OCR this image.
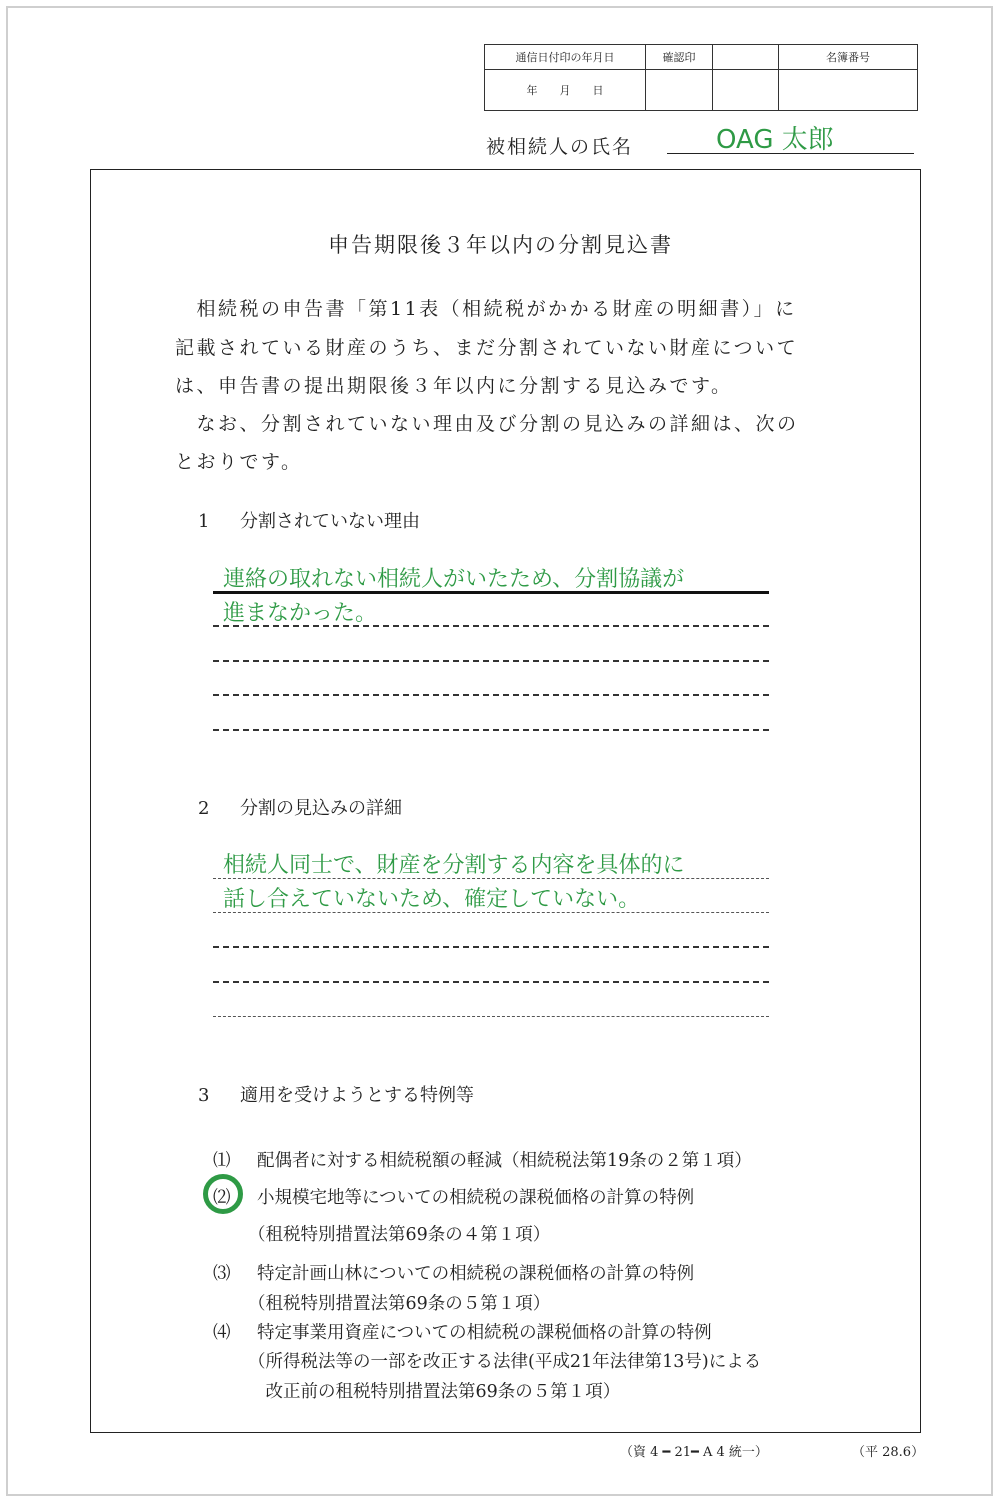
通信日付印の年月日	確認印		名簿番号
年　　月　　日			
被相続人の氏名	OAG 太郎
申告期限後３年以内の分割見込書
　相続税の申告書「第11表（相続税がかかる財産の明細書）」に
記載されている財産のうち、まだ分割されていない財産について
は、申告書の提出期限後３年以内に分割する見込みです。
　なお、分割されていない理由及び分割の見込みの詳細は、次の
とおりです。
1 分割されていない理由
連絡の取れない相続人がいたため、分割協議が
進まなかった。
2 分割の見込みの詳細
相続人同士で、財産を分割する内容を具体的に
話し合えていないため、確定していない。
3 適用を受けようとする特例等
⑴ 配偶者に対する相続税額の軽減（相続税法第19条の２第１項）
⑵ 小規模宅地等についての相続税の課税価格の計算の特例
（租税特別措置法第69条の４第１項）
⑶ 特定計画山林についての相続税の課税価格の計算の特例
（租税特別措置法第69条の５第１項）
⑷ 特定事業用資産についての相続税の課税価格の計算の特例
（所得税法等の一部を改正する法律(平成21年法律第13号)による
　改正前の租税特別措置法第69条の５第１項）
（資 4 ━ 21━ A 4 統一）	（平 28.6）
